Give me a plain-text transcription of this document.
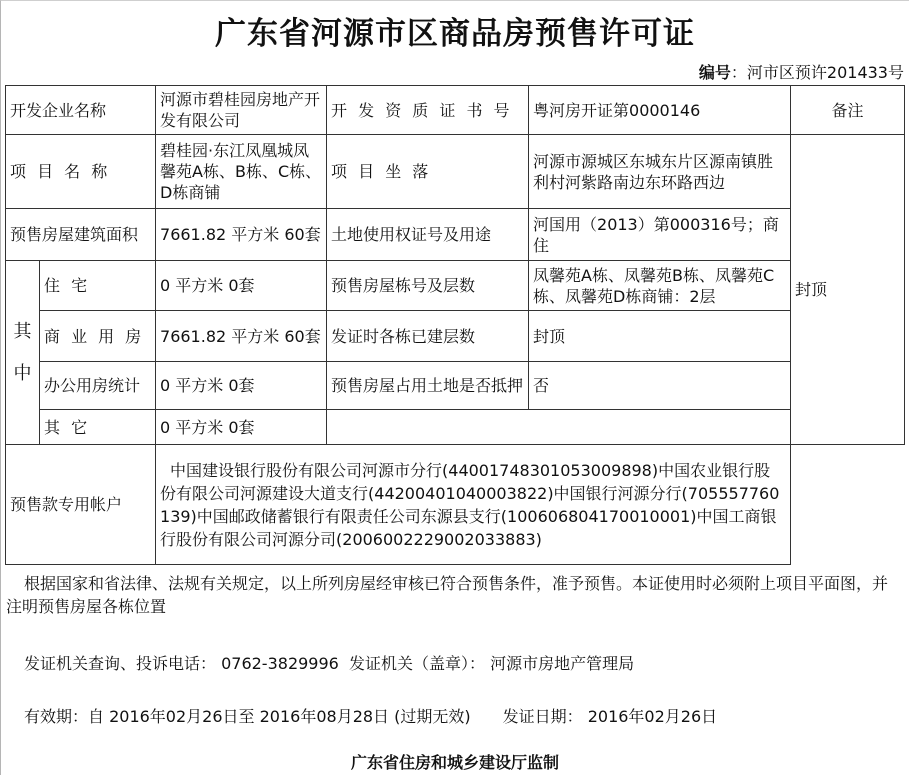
广东省河源市区商品房预售许可证
编号：河市区预许201433号
开发企业名称		河源市碧桂园房地产开发有限公司	开 发 资 质 证 书 号	粤河房开证第0000146	备注
项 目 名 称		碧桂园·东江凤凰城凤馨苑A栋、B栋、C栋、D栋商铺	项 目 坐 落	河源市源城区东城东片区源南镇胜利村河紫路南边东环路西边	封顶
预售房屋建筑面积		7661.82 平方米 60套	土地使用权证号及用途	河国用（2013）第000316号；商住	
其中	住 宅	0 平方米 0套	预售房屋栋号及层数	凤馨苑A栋、凤馨苑B栋、凤馨苑C栋、凤馨苑D栋商铺：2层	
	商 业 用 房	7661.82 平方米 60套	发证时各栋已建层数	封顶	
	办公用房统计	0 平方米 0套	预售房屋占用土地是否抵押	否	
	其 它	0 平方米 0套			
预售款专用帐户		中国建设银行股份有限公司河源市分行(44001748301053009898)中国农业银行股份有限公司河源建设大道支行(44200401040003822)中国银行河源分行(705557760139)中国邮政储蓄银行有限责任公司东源县支行(100606804170010001)中国工商银行股份有限公司河源分司(2006002229002033883)			
根据国家和省法律、法规有关规定，以上所列房屋经审核已符合预售条件，准予预售。本证使用时必须附上项目平面图，并注明预售房屋各栋位置
发证机关查询、投诉电话： 0762-3829996  发证机关（盖章）： 河源市房地产管理局
有效期：自 2016年02月26日至 2016年08月28日 (过期无效) 发证日期： 2016年02月26日
广东省住房和城乡建设厅监制
